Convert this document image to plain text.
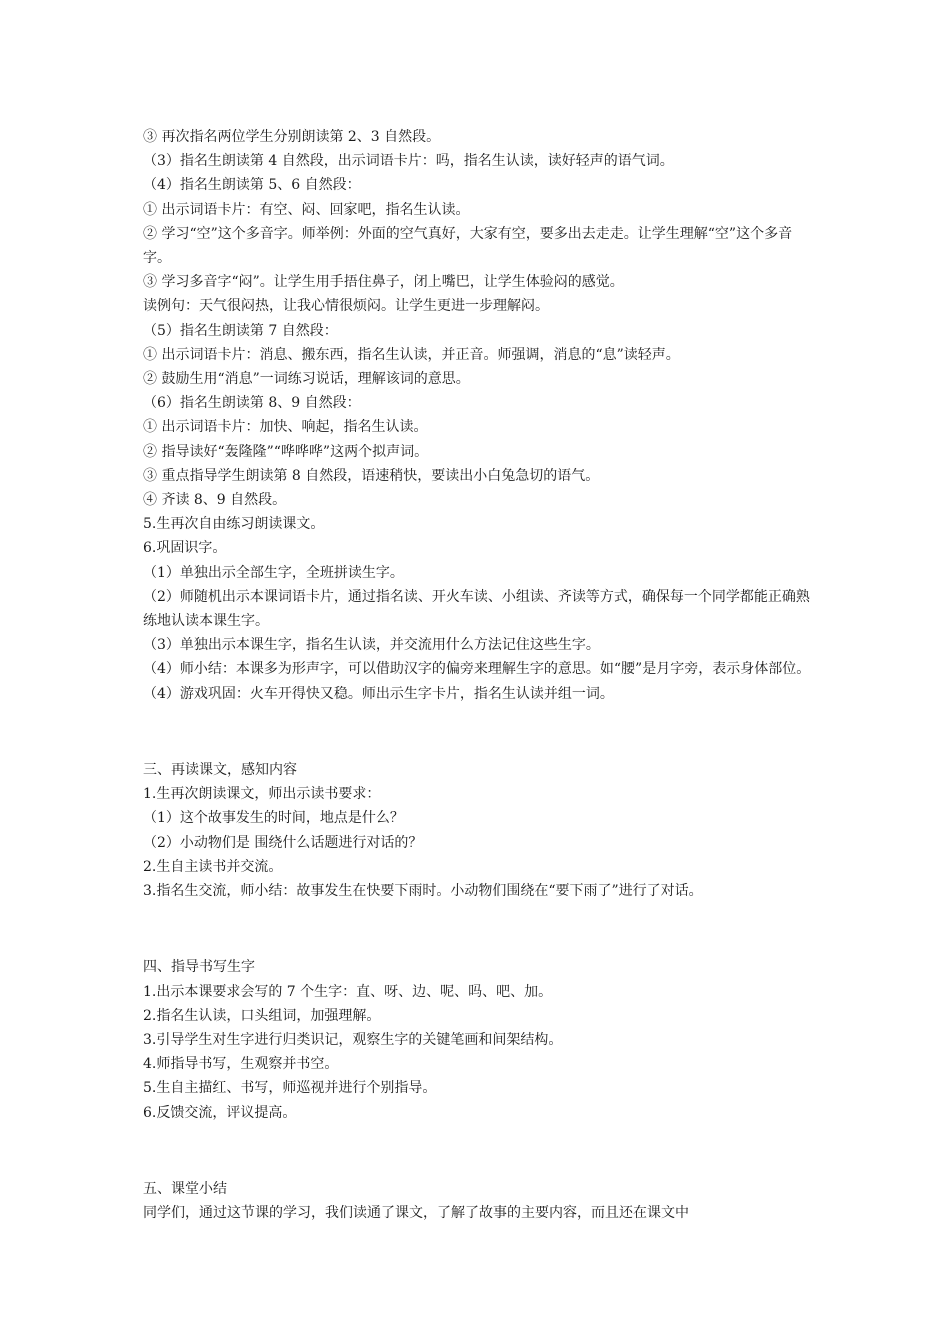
③ 再次指名两位学生分别朗读第 2、3 自然段。

（3）指名生朗读第 4 自然段，出示词语卡片：吗，指名生认读，读好轻声的语气词。

（4）指名生朗读第 5、6 自然段：

① 出示词语卡片：有空、闷、回家吧，指名生认读。

② 学习“空”这个多音字。师举例：外面的空气真好，大家有空，要多出去走走。让学生理解“空”这个多音字。

③ 学习多音字“闷”。让学生用手捂住鼻子，闭上嘴巴，让学生体验闷的感觉。

读例句：天气很闷热，让我心情很烦闷。让学生更进一步理解闷。

（5）指名生朗读第 7 自然段：

① 出示词语卡片：消息、搬东西，指名生认读，并正音。师强调，消息的“息”读轻声。

② 鼓励生用“消息”一词练习说话，理解该词的意思。

（6）指名生朗读第 8、9 自然段：

① 出示词语卡片：加快、响起，指名生认读。

② 指导读好“轰隆隆”“哗哗哗”这两个拟声词。

③ 重点指导学生朗读第 8 自然段，语速稍快，要读出小白兔急切的语气。

④ 齐读 8、9 自然段。

5.生再次自由练习朗读课文。

6.巩固识字。

（1）单独出示全部生字，全班拼读生字。

（2）师随机出示本课词语卡片，通过指名读、开火车读、小组读、齐读等方式，确保每一个同学都能正确熟练地认读本课生字。

（3）单独出示本课生字，指名生认读，并交流用什么方法记住这些生字。

（4）师小结：本课多为形声字，可以借助汉字的偏旁来理解生字的意思。如“腰”是月字旁，表示身体部位。

（4）游戏巩固：火车开得快又稳。师出示生字卡片，指名生认读并组一词。

三、再读课文，感知内容

1.生再次朗读课文，师出示读书要求：

（1）这个故事发生的时间，地点是什么？

（2）小动物们是 围绕什么话题进行对话的？

2.生自主读书并交流。

3.指名生交流，师小结：故事发生在快要下雨时。小动物们围绕在“要下雨了”进行了对话。

四、指导书写生字

1.出示本课要求会写的 7 个生字：直、呀、边、呢、吗、吧、加。

2.指名生认读，口头组词，加强理解。

3.引导学生对生字进行归类识记，观察生字的关键笔画和间架结构。

4.师指导书写，生观察并书空。

5.生自主描红、书写，师巡视并进行个别指导。

6.反馈交流，评议提高。

五、课堂小结

同学们，通过这节课的学习，我们读通了课文，了解了故事的主要内容，而且还在课文中
